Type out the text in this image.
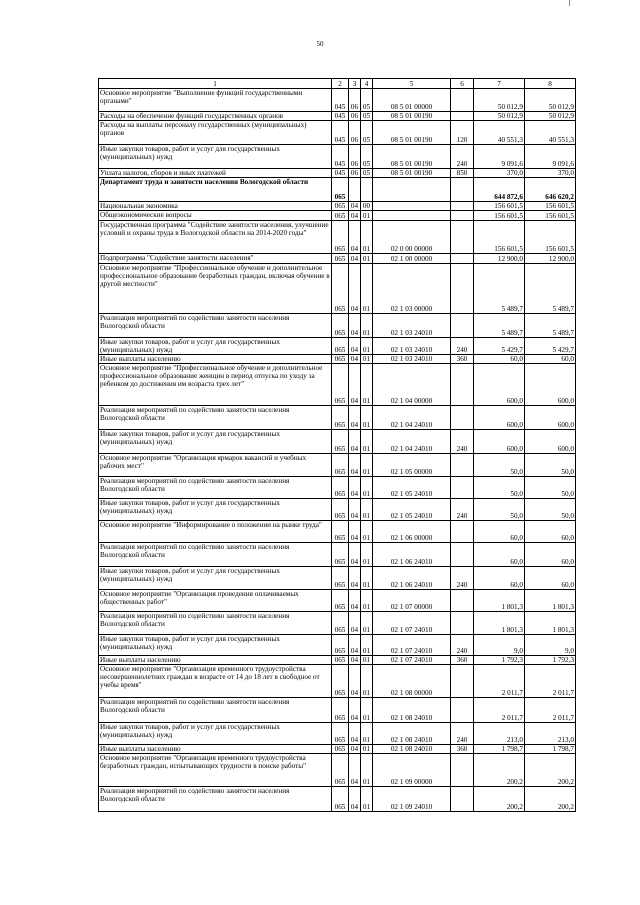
50
1	2	3	4	5	6	7	8
Основное мероприятие "Выполнение функций государственными органами"	045	06	05	08 5 01 00000		50 012,9	50 012,9
Расходы на обеспечение функций государственных органов	045	06	05	08 5 01 00190		50 012,9	50 012,9
Расходы на выплаты персоналу государственных (муниципальных) органов	045	06	05	08 5 01 00190	120	40 551,3	40 551,3
Иные закупки товаров, работ и услуг для государственных (муниципальных) нужд	045	06	05	08 5 01 00190	240	9 091,6	9 091,6
Уплата налогов, сборов и иных платежей	045	06	05	08 5 01 00190	850	370,0	370,0
Департамент труда и занятости населения Вологодской области	065					644 872,6	646 620,2
Национальная экономика	065	04	00			156 601,5	156 601,5
Общеэкономические вопросы	065	04	01			156 601,5	156 601,5
Государственная программа "Содействие занятости населения, улучшение условий и охраны труда в Вологодской области на 2014-2020 годы"	065	04	01	02 0 00 00000		156 601,5	156 601,5
Подпрограмма "Содействие занятости населения"	065	04	01	02 1 00 00000		12 900,0	12 900,0
Основное мероприятие "Профессиональное обучение и дополнительное профессиональное образование безработных граждан, включая обучение в другой местности"	065	04	01	02 1 03 00000		5 489,7	5 489,7
Реализация мероприятий по содействию занятости населения Вологодской области	065	04	01	02 1 03 24010		5 489,7	5 489,7
Иные закупки товаров, работ и услуг для государственных (муниципальных) нужд	065	04	01	02 1 03 24010	240	5 429,7	5 429,7
Иные выплаты населению	065	04	01	02 1 03 24010	360	60,0	60,0
Основное мероприятие "Профессиональное обучение и дополнительное профессиональное образование женщин в период отпуска по уходу за ребенком до достижения им возраста трех лет"	065	04	01	02 1 04 00000		600,0	600,0
Реализация мероприятий по содействию занятости населения Вологодской области	065	04	01	02 1 04 24010		600,0	600,0
Иные закупки товаров, работ и услуг для государственных (муниципальных) нужд	065	04	01	02 1 04 24010	240	600,0	600,0
Основное мероприятие "Организация ярмарок вакансий и учебных рабочих мест"	065	04	01	02 1 05 00000		50,0	50,0
Реализация мероприятий по содействию занятости населения Вологодской области	065	04	01	02 1 05 24010		50,0	50,0
Иные закупки товаров, работ и услуг для государственных (муниципальных) нужд	065	04	01	02 1 05 24010	240	50,0	50,0
Основное мероприятие "Информирование о положении на рынке труда"	065	04	01	02 1 06 00000		60,0	60,0
Реализация мероприятий по содействию занятости населения Вологодской области	065	04	01	02 1 06 24010		60,0	60,0
Иные закупки товаров, работ и услуг для государственных (муниципальных) нужд	065	04	01	02 1 06 24010	240	60,0	60,0
Основное мероприятие "Организация проведения оплачиваемых общественных работ"	065	04	01	02 1 07 00000		1 801,3	1 801,3
Реализация мероприятий по содействию занятости населения Вологодской области	065	04	01	02 1 07 24010		1 801,3	1 801,3
Иные закупки товаров, работ и услуг для государственных (муниципальных) нужд	065	04	01	02 1 07 24010	240	9,0	9,0
Иные выплаты населению	065	04	01	02 1 07 24010	360	1 792,3	1 792,3
Основное мероприятие "Организация временного трудоустройства несовершеннолетних граждан в возрасте от 14 до 18 лет в свободное от учебы время"	065	04	01	02 1 08 00000		2 011,7	2 011,7
Реализация мероприятий по содействию занятости населения Вологодской области	065	04	01	02 1 08 24010		2 011,7	2 011,7
Иные закупки товаров, работ и услуг для государственных (муниципальных) нужд	065	04	01	02 1 08 24010	240	213,0	213,0
Иные выплаты населению	065	04	01	02 1 08 24010	360	1 798,7	1 798,7
Основное мероприятие "Организация временного трудоустройства безработных граждан, испытывающих трудности в поиске работы"	065	04	01	02 1 09 00000		200,2	200,2
Реализация мероприятий по содействию занятости населения Вологодской области	065	04	01	02 1 09 24010		200,2	200,2
